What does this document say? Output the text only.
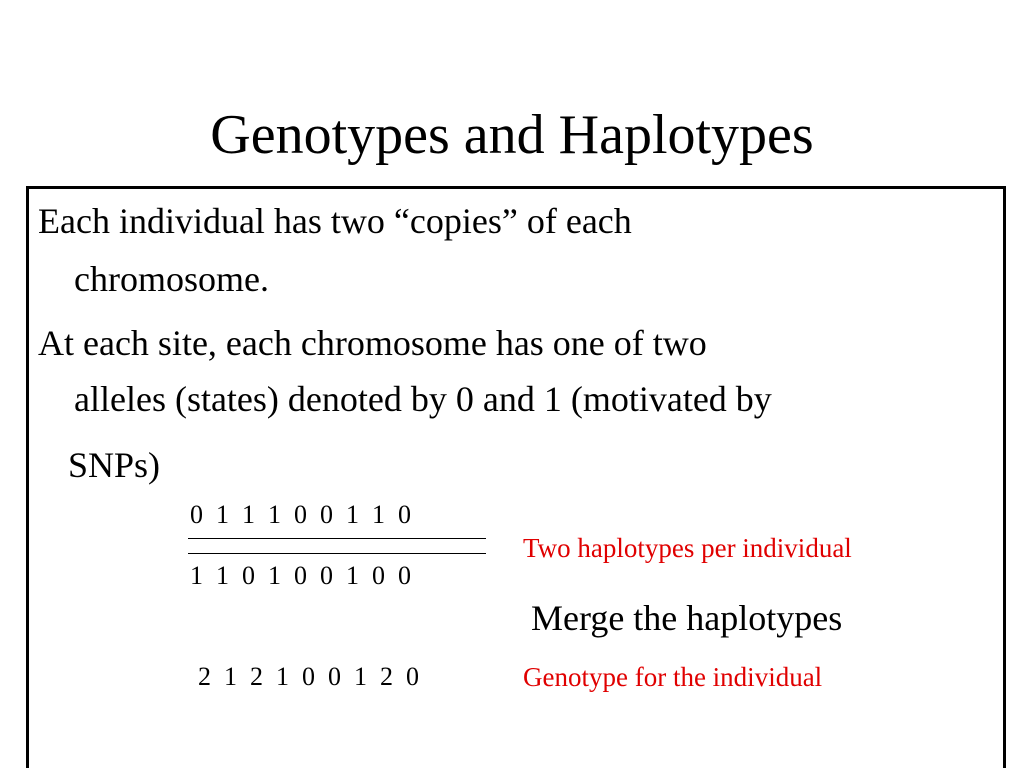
Genotypes and Haplotypes
Each individual has two “copies” of each
chromosome.
At each site, each chromosome has one of two
alleles (states) denoted by 0 and 1 (motivated by
SNPs)
0  1  1  1  0  0  1  1  0
1  1  0  1  0  0  1  0  0
Two haplotypes per individual
Merge the haplotypes
2  1  2  1  0  0  1  2  0	Genotype for the individual
